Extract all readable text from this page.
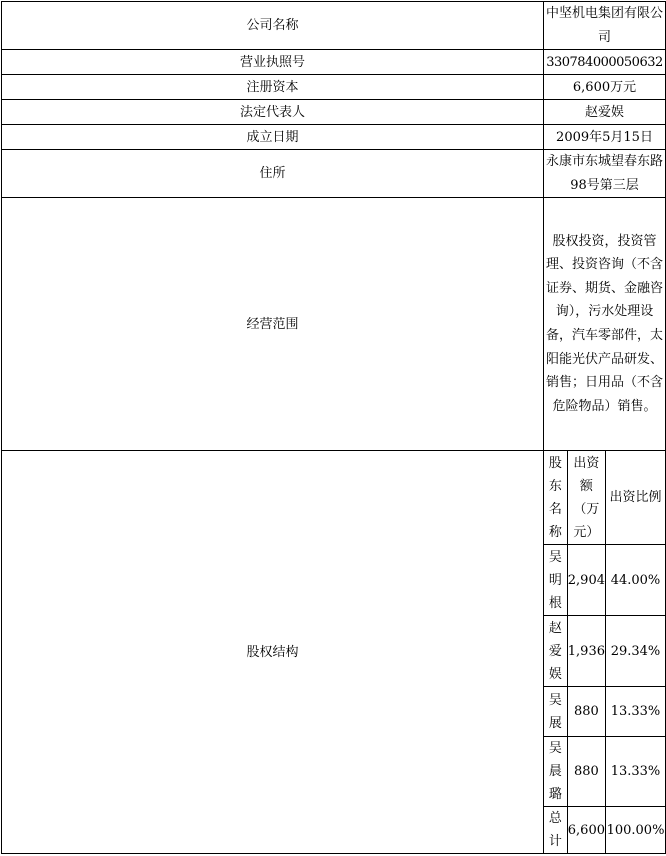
公司名称	中坚机电集团有限公司
营业执照号	330784000050632
注册资本	6,600万元
法定代表人	赵爱娱
成立日期	2009年5月15日
住所	永康市东城望春东路98号第三层
经营范围	股权投资，投资管理、投资咨询（不含证券、期货、金融咨询），污水处理设备，汽车零部件，太阳能光伏产品研发、销售；日用品（不含危险物品）销售。
股权结构	
股东名称	出资额（万元）	出资比例
吴明根	2,904	44.00%
赵爱娱	1,936	29.34%
吴展	880	13.33%
吴晨璐	880	13.33%
总计	6,600	100.00%
